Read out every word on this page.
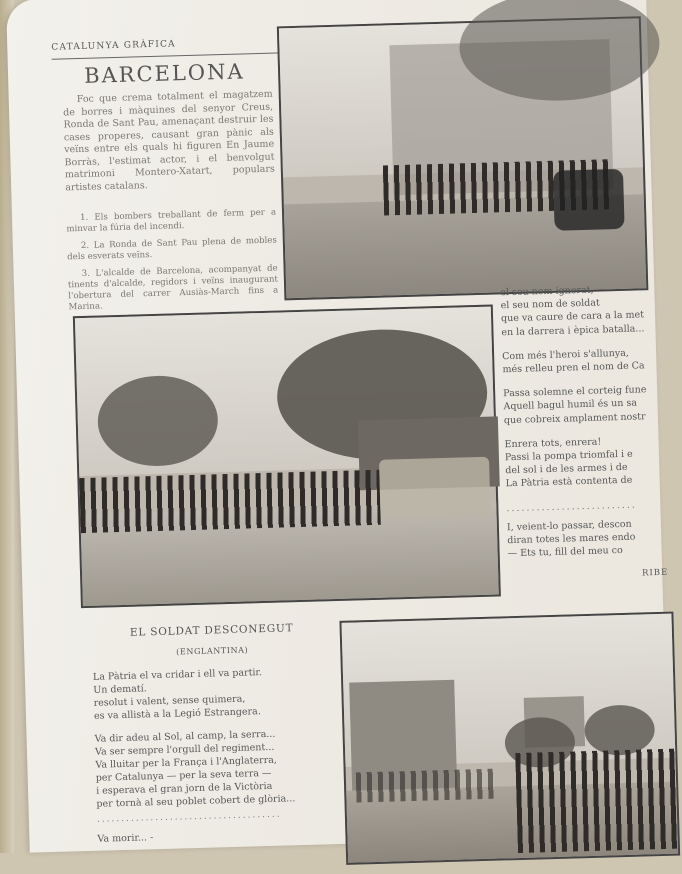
CATALUNYA GRÀFICA
BARCELONA
Foc que crema totalment el magatzem de borres i màquines del senyor Creus, Ronda de Sant Pau, amenaçant destruir les cases properes, causant gran pànic als veïns entre els quals hi figuren En Jaume Borràs, l'estimat actor, i el benvolgut matrimoni Montero-Xatart, populars artistes catalans.

1. Els bombers treballant de ferm per a minvar la fúria del incendi.

2. La Ronda de Sant Pau plena de mobles dels esverats veïns.

3. L'alcalde de Barcelona, acompanyat de tinents d'alcalde, regidors i veïns inaugurant l'obertura del carrer Ausiàs-March fins a Marina.

el seu nom ignorat,
el seu nom de soldat
que va caure de cara a la met
en la darrera i èpica batalla...

Com més l'heroi s'allunya,
més relleu pren el nom de Ca

Passa solemne el corteig fune
Aquell bagul humil és un sa
que cobreix amplament nostr

Enrera tots, enrera!
Passi la pompa triomfal i e
del sol i de les armes i de
La Pàtria està contenta de

..........................

I, veient-lo passar, descon
diran totes les mares endo
— Ets tu, fill del meu co

RIBE
EL SOLDAT DESCONEGUT
(ENGLANTINA)
La Pàtria el va cridar i ell va partir.
Un dematí.
resolut i valent, sense quimera,
es va allistà a la Legió Estrangera.
Va dir adeu al Sol, al camp, la serra...
Va ser sempre l'orgull del regiment...
Va lluitar per la França i l'Anglaterra,
per Catalunya — per la seva terra —
i esperava el gran jorn de la Victòria
per tornà al seu poblet cobert de glòria...
......................................
Va morir... -
